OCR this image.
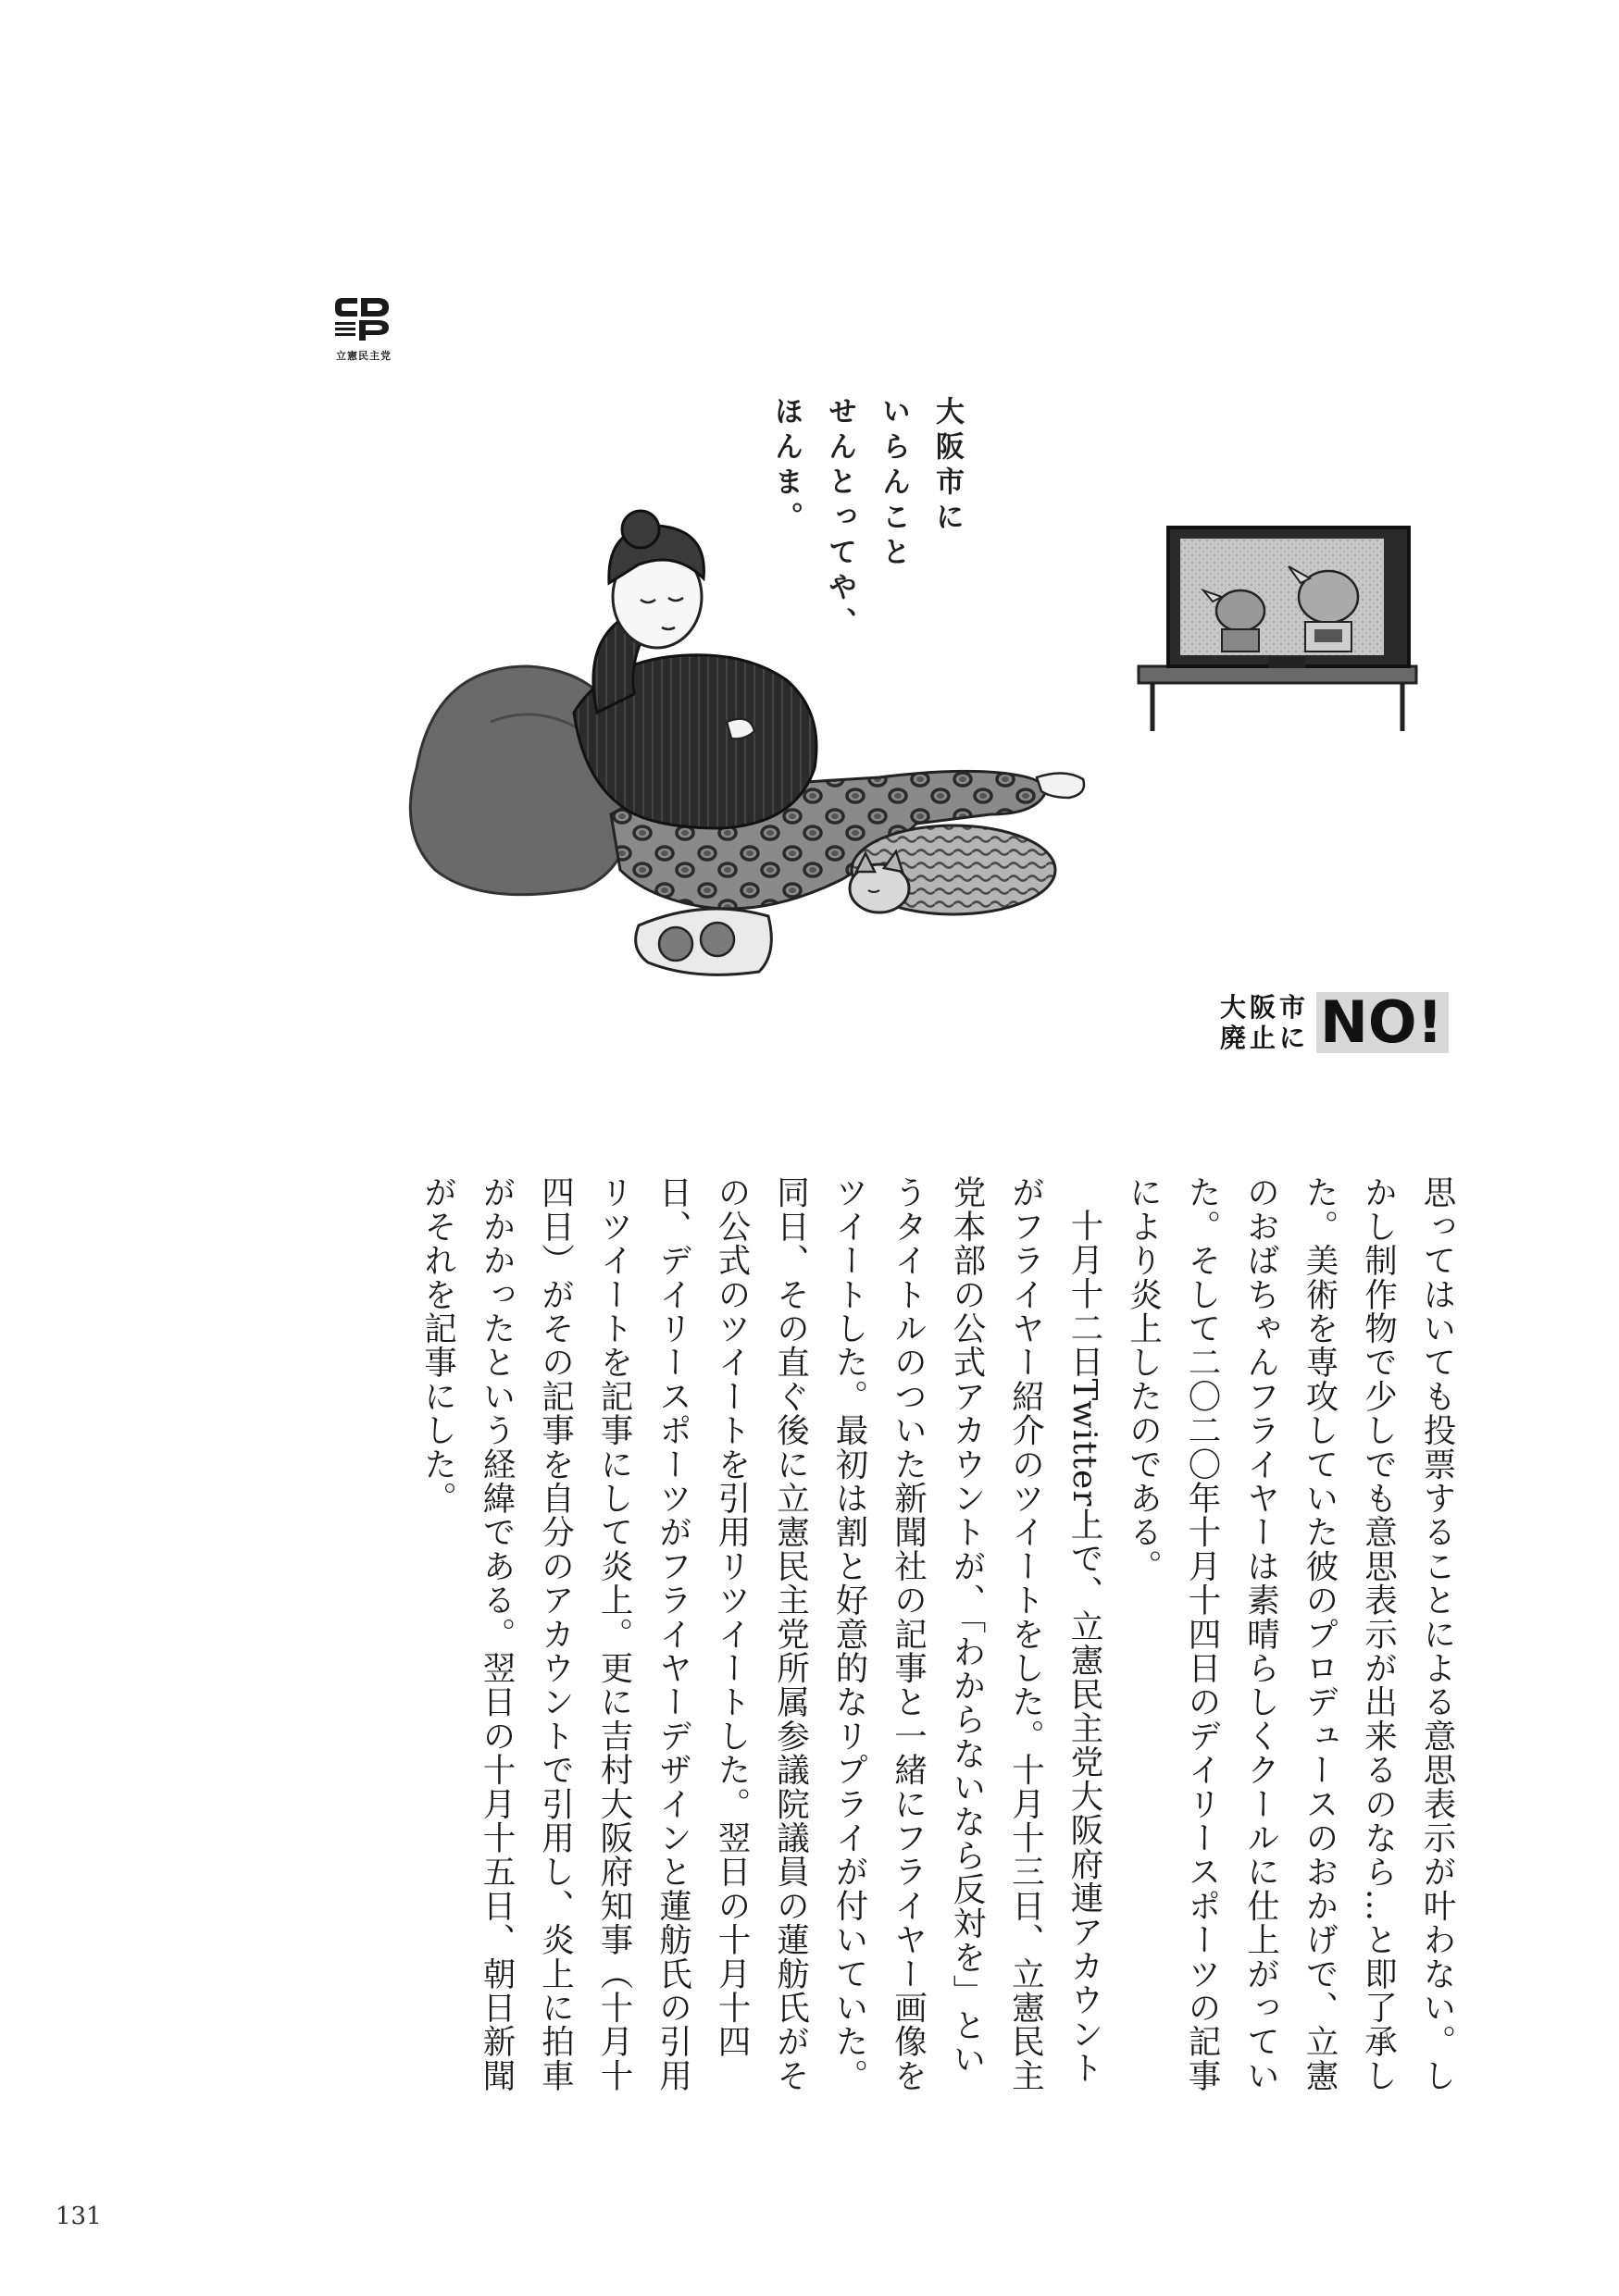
立憲民主党
大阪市に
いらんこと
せんとってや、
ほんま。
大 阪 市
廃 止 に NO!

思ってはいても投票することによる意思表示が叶わない。しかし制作物で少しでも意思表示が出来るのなら…と即了承した。美術を専攻していた彼のプロデュースのおかげで、立憲のおばちゃんフライヤーは素晴らしくクールに仕上がっていた。そして二〇二〇年十月十四日のデイリースポーツの記事により炎上したのである。

十月十二日Twitter上で、立憲民主党大阪府連アカウントがフライヤー紹介のツイートをした。十月十三日、立憲民主党本部の公式アカウントが、「わからないなら反対を」というタイトルのついた新聞社の記事と一緒にフライヤー画像をツイートした。最初は割と好意的なリプライが付いていた。同日、その直ぐ後に立憲民主党所属参議院議員の蓮舫氏がその公式のツイートを引用リツイートした。翌日の十月十四日、デイリースポーツがフライヤーデザインと蓮舫氏の引用リツイートを記事にして炎上。更に吉村大阪府知事（十月十四日）がその記事を自分のアカウントで引用し、炎上に拍車がかかったという経緯である。翌日の十月十五日、朝日新聞がそれを記事にした。

131
